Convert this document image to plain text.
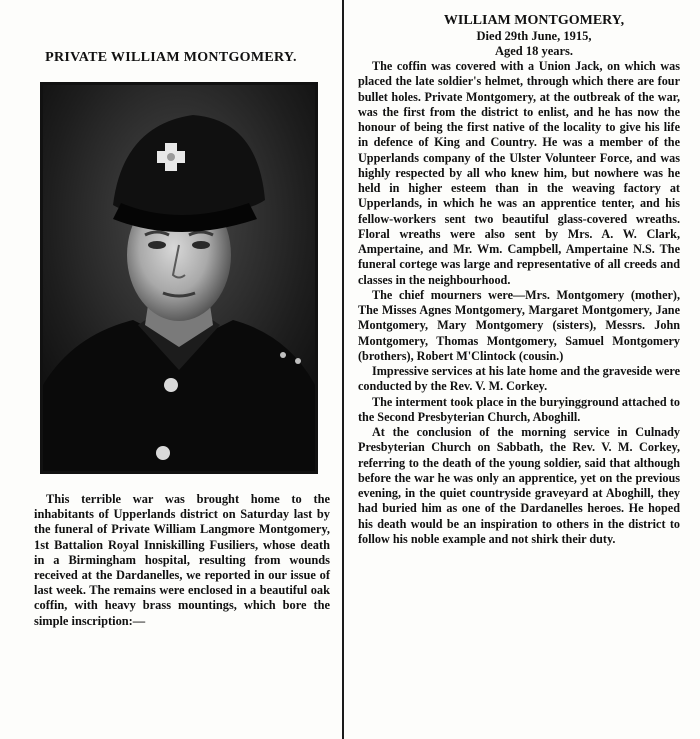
PRIVATE WILLIAM MONTGOMERY.

This terrible war was brought home to the inhabitants of Upperlands district on Saturday last by the funeral of Private William Langmore Montgomery, 1st Battalion Royal Inniskilling Fusiliers, whose death in a Birmingham hospital, resulting from wounds received at the Dardanelles, we reported in our issue of last week. The remains were enclosed in a beautiful oak coffin, with heavy brass mountings, which bore the simple inscription:—

WILLIAM MONTGOMERY,
Died 29th June, 1915,
Aged 18 years.

The coffin was covered with a Union Jack, on which was placed the late soldier's helmet, through which there are four bullet holes. Private Montgomery, at the outbreak of the war, was the first from the district to enlist, and he has now the honour of being the first native of the locality to give his life in defence of King and Country. He was a member of the Upperlands company of the Ulster Volunteer Force, and was highly respected by all who knew him, but nowhere was he held in higher esteem than in the weaving factory at Upperlands, in which he was an apprentice tenter, and his fellow-workers sent two beautiful glass-covered wreaths. Floral wreaths were also sent by Mrs. A. W. Clark, Ampertaine, and Mr. Wm. Campbell, Ampertaine N.S. The funeral cortege was large and representative of all creeds and classes in the neighbourhood.

The chief mourners were—Mrs. Montgomery (mother), The Misses Agnes Montgomery, Margaret Montgomery, Jane Montgomery, Mary Montgomery (sisters), Messrs. John Montgomery, Thomas Montgomery, Samuel Montgomery (brothers), Robert M'Clintock (cousin.)

Impressive services at his late home and the graveside were conducted by the Rev. V. M. Corkey.

The interment took place in the buryingground attached to the Second Presbyterian Church, Aboghill.

At the conclusion of the morning service in Culnady Presbyterian Church on Sabbath, the Rev. V. M. Corkey, referring to the death of the young soldier, said that although before the war he was only an apprentice, yet on the previous evening, in the quiet countryside graveyard at Aboghill, they had buried him as one of the Dardanelles heroes. He hoped his death would be an inspiration to others in the district to follow his noble example and not shirk their duty.
